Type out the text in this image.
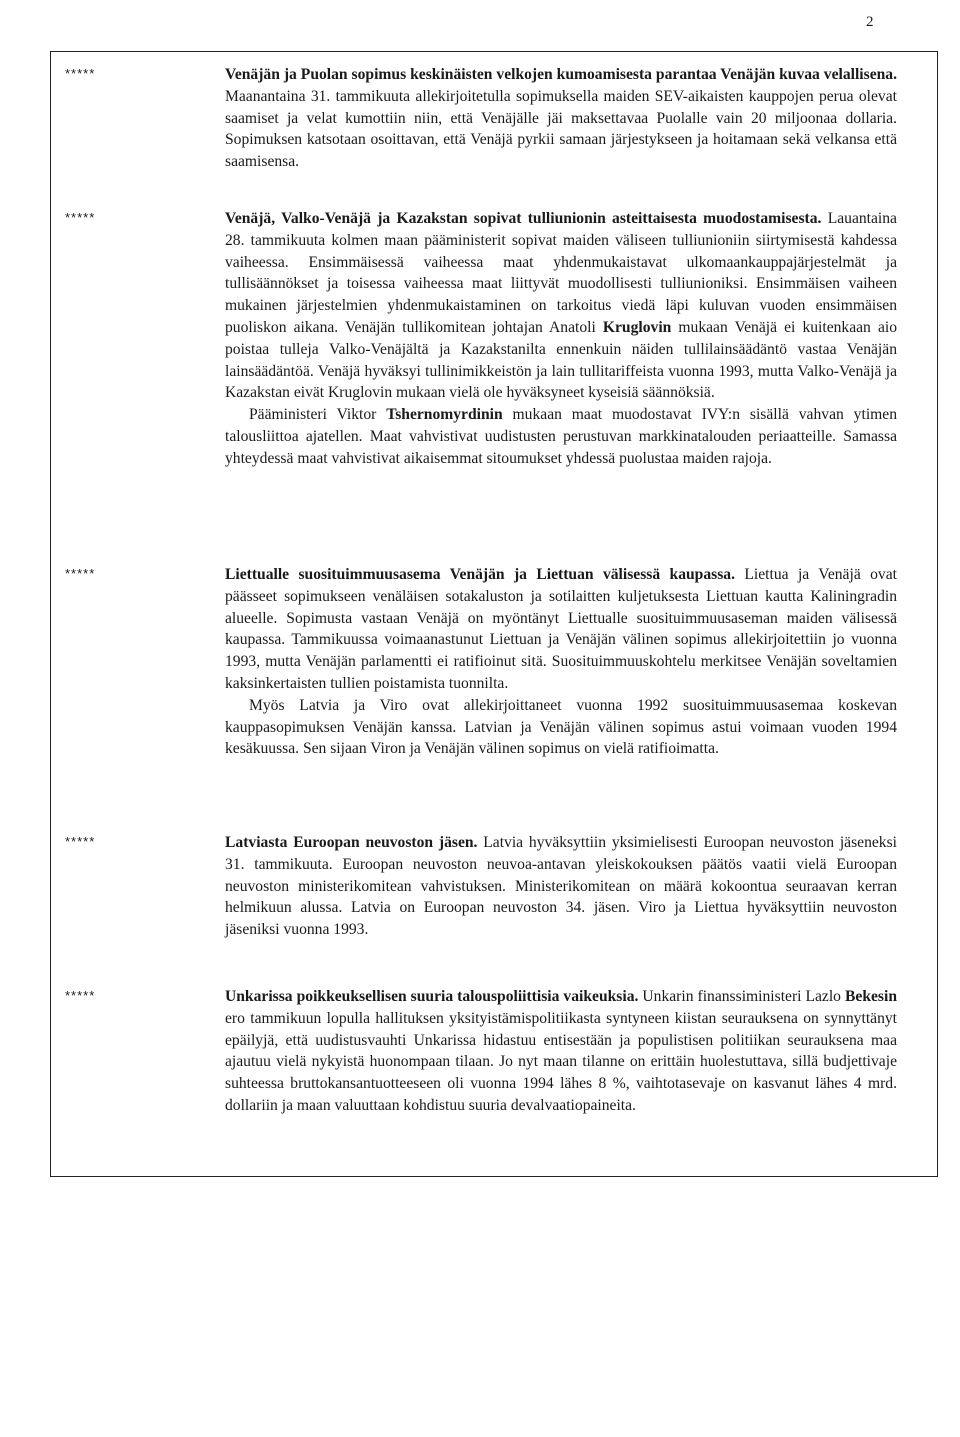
2
*****	Venäjän ja Puolan sopimus keskinäisten velkojen kumoamisesta parantaa Venäjän kuvaa velallisena. Maanantaina 31. tammikuuta allekirjoitetulla sopimuksella maiden SEV-aikaisten kauppojen perua olevat saamiset ja velat kumottiin niin, että Venäjälle jäi maksettavaa Puolalle vain 20 miljoonaa dollaria. Sopimuksen katsotaan osoittavan, että Venäjä pyrkii samaan järjestykseen ja hoitamaan sekä velkansa että saamisensa.

*****	Venäjä, Valko-Venäjä ja Kazakstan sopivat tulliunionin asteittaisesta muodostamisesta. Lauantaina 28. tammikuuta kolmen maan pääministerit sopivat maiden väliseen tulliunioniin siirtymisestä kahdessa vaiheessa. Ensimmäisessä vaiheessa maat yhdenmukaistavat ulkomaankauppajärjestelmät ja tullisäännökset ja toisessa vaiheessa maat liittyvät muodollisesti tulliunioniksi. Ensimmäisen vaiheen mukainen järjestelmien yhdenmukaistaminen on tarkoitus viedä läpi kuluvan vuoden ensimmäisen puoliskon aikana. Venäjän tullikomitean johtajan Anatoli Kruglovin mukaan Venäjä ei kuitenkaan aio poistaa tulleja Valko-Venäjältä ja Kazakstanilta ennenkuin näiden tullilainsäädäntö vastaa Venäjän lainsäädäntöä. Venäjä hyväksyi tullinimikkeistön ja lain tullitariffeista vuonna 1993, mutta Valko-Venäjä ja Kazakstan eivät Kruglovin mukaan vielä ole hyväksyneet kyseisiä säännöksiä.

Pääministeri Viktor Tshernomyrdinin mukaan maat muodostavat IVY:n sisällä vahvan ytimen talousliittoa ajatellen. Maat vahvistivat uudistusten perustuvan markkinatalouden periaatteille. Samassa yhteydessä maat vahvistivat aikaisemmat sitoumukset yhdessä puolustaa maiden rajoja.

*****	Liettualle suosituimmuusasema Venäjän ja Liettuan välisessä kaupassa. Liettua ja Venäjä ovat päässeet sopimukseen venäläisen sotakaluston ja sotilaitten kuljetuksesta Liettuan kautta Kaliningradin alueelle. Sopimusta vastaan Venäjä on myöntänyt Liettualle suosituimmuusaseman maiden välisessä kaupassa. Tammikuussa voimaanastunut Liettuan ja Venäjän välinen sopimus allekirjoitettiin jo vuonna 1993, mutta Venäjän parlamentti ei ratifioinut sitä. Suosituimmuuskohtelu merkitsee Venäjän soveltamien kaksinkertaisten tullien poistamista tuonnilta.

Myös Latvia ja Viro ovat allekirjoittaneet vuonna 1992 suosituimmuusasemaa koskevan kauppasopimuksen Venäjän kanssa. Latvian ja Venäjän välinen sopimus astui voimaan vuoden 1994 kesäkuussa. Sen sijaan Viron ja Venäjän välinen sopimus on vielä ratifioimatta.

*****	Latviasta Euroopan neuvoston jäsen. Latvia hyväksyttiin yksimielisesti Euroopan neuvoston jäseneksi 31. tammikuuta. Euroopan neuvoston neuvoa-antavan yleiskokouksen päätös vaatii vielä Euroopan neuvoston ministerikomitean vahvistuksen. Ministerikomitean on määrä kokoontua seuraavan kerran helmikuun alussa. Latvia on Euroopan neuvoston 34. jäsen. Viro ja Liettua hyväksyttiin neuvoston jäseniksi vuonna 1993.

*****	Unkarissa poikkeuksellisen suuria talouspoliittisia vaikeuksia. Unkarin finanssiministeri Lazlo Bekesin ero tammikuun lopulla hallituksen yksityistämispolitiikasta syntyneen kiistan seurauksena on synnyttänyt epäilyjä, että uudistusvauhti Unkarissa hidastuu entisestään ja populistisen politiikan seurauksena maa ajautuu vielä nykyistä huonompaan tilaan. Jo nyt maan tilanne on erittäin huolestuttava, sillä budjettivaje suhteessa bruttokansantuotteeseen oli vuonna 1994 lähes 8 %, vaihtotasevaje on kasvanut lähes 4 mrd. dollariin ja maan valuuttaan kohdistuu suuria devalvaatiopaineita.
